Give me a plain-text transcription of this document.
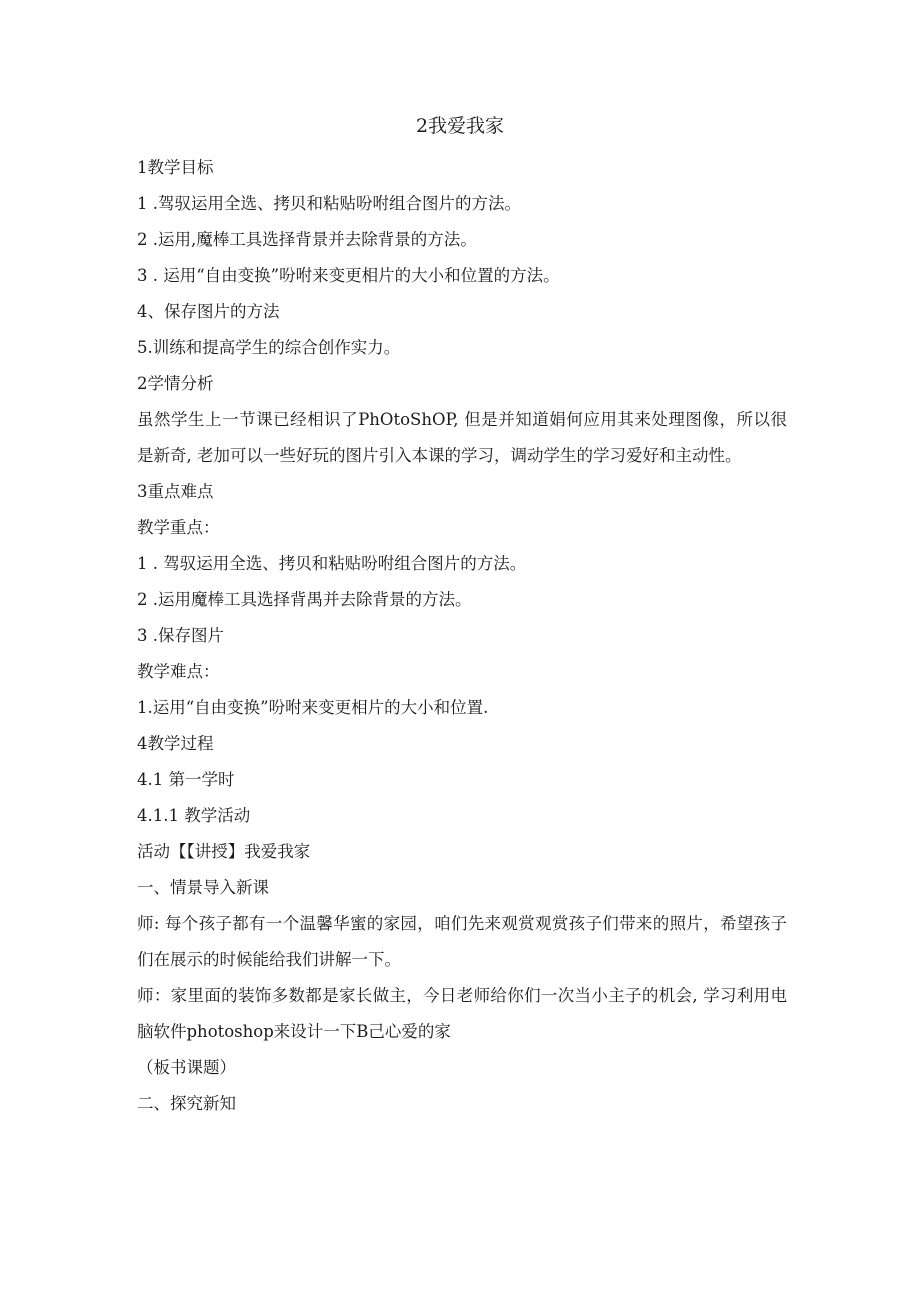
2我爱我家
1教学目标
1 .驾驭运用全选、拷贝和粘贴吩咐组合图片的方法。
2 .运用,魔棒工具选择背景并去除背景的方法。
3 . 运用“自由变换”吩咐来变更相片的大小和位置的方法。
4、保存图片的方法
5.训练和提高学生的综合创作实力。
2学情分析
虽然学生上一节课已经相识了PhOtoShOP, 但是并知道娟何应用其来处理图像，所以很是新奇, 老加可以一些好玩的图片引入本课的学习，调动学生的学习爱好和主动性。
3重点难点
教学重点：
1 . 驾驭运用全选、拷贝和粘贴吩咐组合图片的方法。
2 .运用魔棒工具选择背禺并去除背景的方法。
3 .保存图片
教学难点：
1.运用“自由变换”吩咐来变更相片的大小和位置.
4教学过程
4.1 第一学时
4.1.1 教学活动
活动【【讲授】我爱我家
一、情景导入新课
师: 每个孩子都有一个温馨华蜜的家园，咱们先来观赏观赏孩子们带来的照片，希望孩子们在展示的时候能给我们讲解一下。
师：家里面的装饰多数都是家长做主，今日老师给你们一次当小主子的机会, 学习利用电脑软件photoshop来设计一下B己心爱的家
（板书课题）
二、探究新知
